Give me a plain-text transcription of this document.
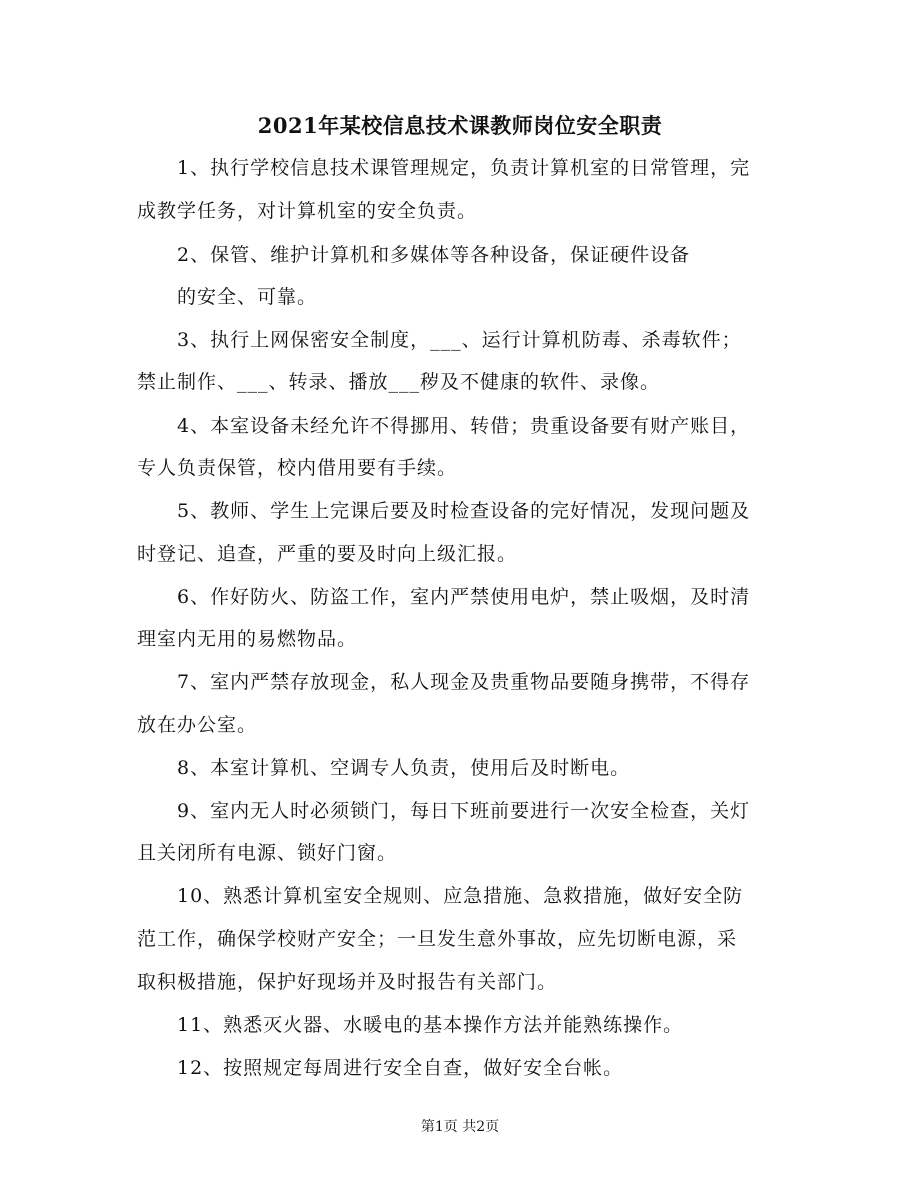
2021年某校信息技术课教师岗位安全职责
1、执行学校信息技术课管理规定，负责计算机室的日常管理，完
成教学任务，对计算机室的安全负责。
2、保管、维护计算机和多媒体等各种设备，保证硬件设备
的安全、可靠。
3、执行上网保密安全制度，___、运行计算机防毒、杀毒软件；
禁止制作、___、转录、播放___秽及不健康的软件、录像。
4、本室设备未经允许不得挪用、转借；贵重设备要有财产账目，
专人负责保管，校内借用要有手续。
5、教师、学生上完课后要及时检查设备的完好情况，发现问题及
时登记、追查，严重的要及时向上级汇报。
6、作好防火、防盗工作，室内严禁使用电炉，禁止吸烟，及时清
理室内无用的易燃物品。
7、室内严禁存放现金，私人现金及贵重物品要随身携带，不得存
放在办公室。
8、本室计算机、空调专人负责，使用后及时断电。
9、室内无人时必须锁门，每日下班前要进行一次安全检查，关灯
且关闭所有电源、锁好门窗。
10、熟悉计算机室安全规则、应急措施、急救措施，做好安全防
范工作，确保学校财产安全；一旦发生意外事故，应先切断电源，采
取积极措施，保护好现场并及时报告有关部门。
11、熟悉灭火器、水暖电的基本操作方法并能熟练操作。
12、按照规定每周进行安全自查，做好安全台帐。
第1页 共2页
